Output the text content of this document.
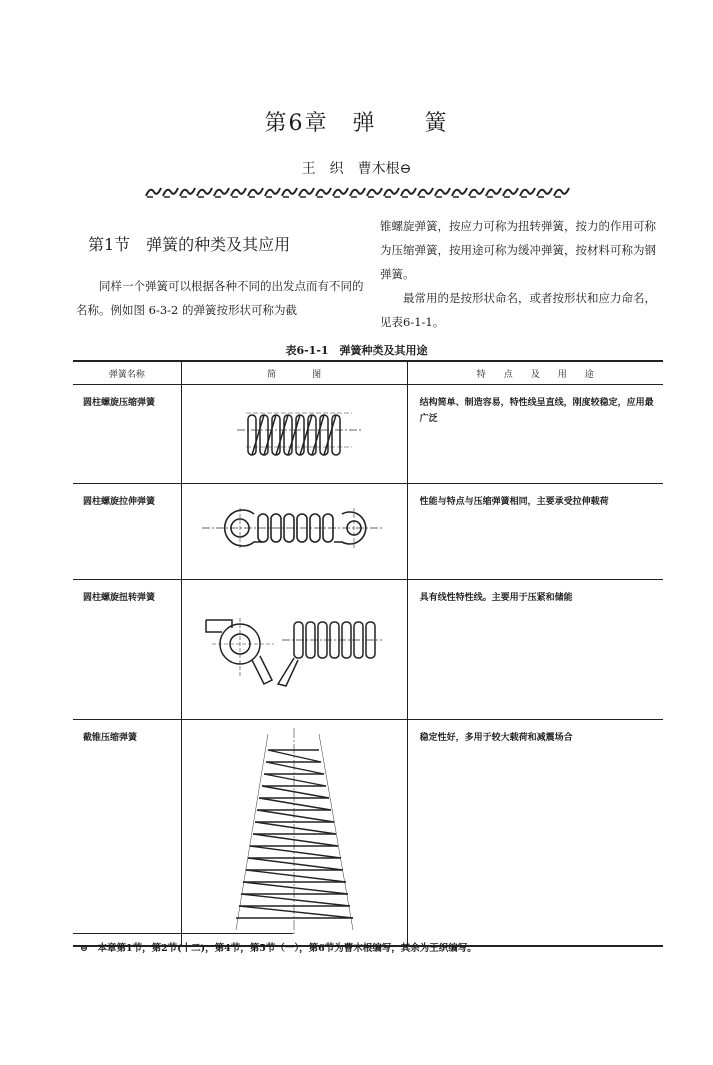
第6章　弹　　簧
王　织　曹木根⊖
第1节　弹簧的种类及其应用
同样一个弹簧可以根据各种不同的出发点而有不同的名称。例如图 6-3-2 的弹簧按形状可称为截
锥螺旋弹簧，按应力可称为扭转弹簧，按力的作用可称为压缩弹簧，按用途可称为缓冲弹簧，按材料可称为钢弹簧。
最常用的是按形状命名，或者按形状和应力命名，见表6-1-1。
表6-1-1　弹簧种类及其用途
弹簧名称	简　　　　图	特　　点　　及　　用　　途

圆柱螺旋压缩弹簧		结构简单、制造容易，特性线呈直线，刚度较稳定，应用最广泛

圆柱螺旋拉伸弹簧		性能与特点与压缩弹簧相同，主要承受拉伸载荷

圆柱螺旋扭转弹簧		具有线性特性线。主要用于压紧和储能

截锥压缩弹簧		稳定性好，多用于较大载荷和减震场合
⊖　本章第1节，第2节(十二)，第4节，第5节（一），第6节为曹木根编写，其余为王织编写。
